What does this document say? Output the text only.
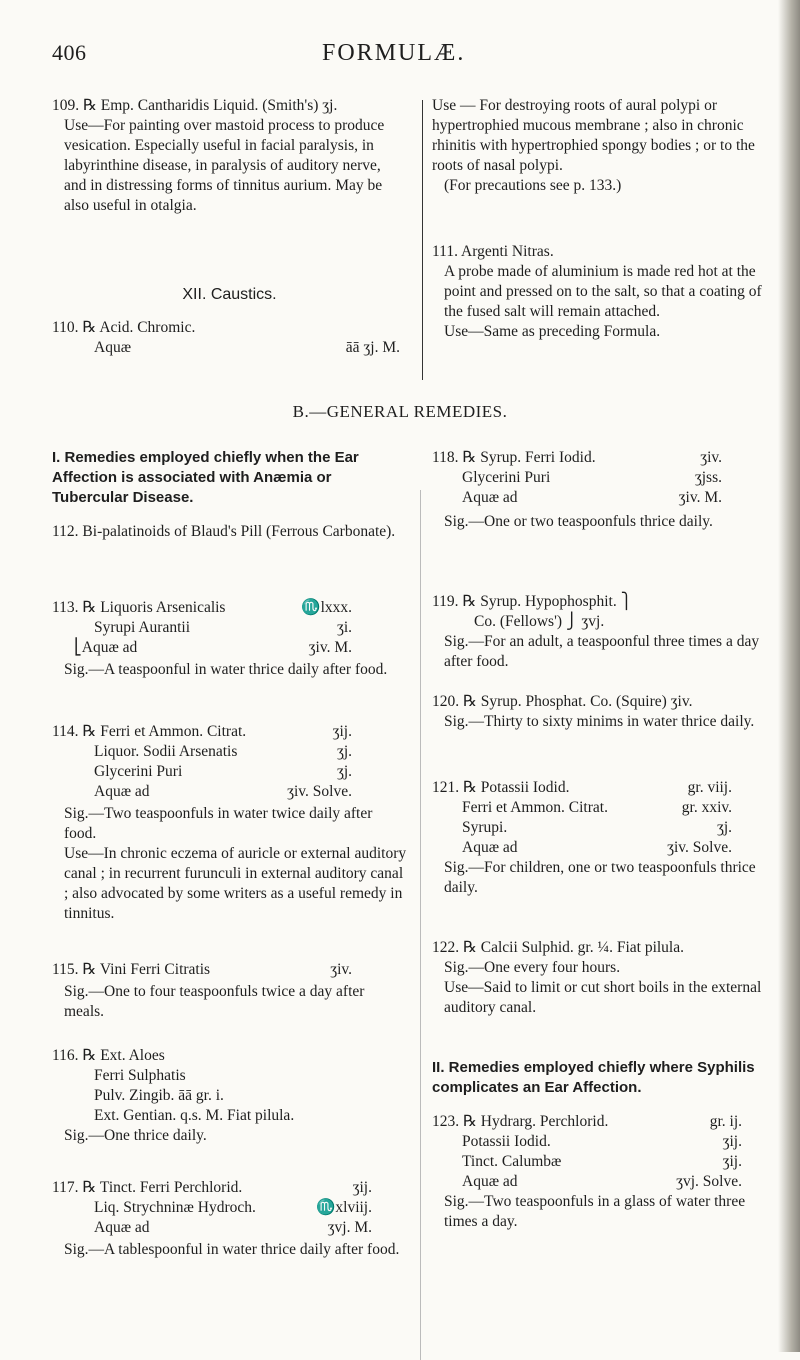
406	FORMULÆ.

109. ℞ Emp. Cantharidis Liquid. (Smith's) ʒj.

Use—For painting over mastoid process to produce vesication. Especially useful in facial paralysis, in labyrinthine disease, in paralysis of auditory nerve, and in distressing forms of tinnitus aurium. May be also useful in otalgia.

XII. Caustics.

110. ℞ Acid. Chromic.

Aquæ	āā ʒj. M.

Use — For destroying roots of aural polypi or hypertrophied mucous membrane ; also in chronic rhinitis with hypertrophied spongy bodies ; or to the roots of nasal polypi.

(For precautions see p. 133.)

111. Argenti Nitras.

A probe made of aluminium is made red hot at the point and pressed on to the salt, so that a coating of the fused salt will remain attached.

Use—Same as preceding Formula.

B.—GENERAL REMEDIES.
I. Remedies employed chiefly when the Ear Affection is associated with Anæmia or Tubercular Disease.

112. Bi-palatinoids of Blaud's Pill (Ferrous Carbonate).

113. ℞ Liquoris Arsenicalis	♏lxxx.

Syrupi Aurantii	ʒi.

⎣Aquæ ad	ʒiv. M.

Sig.—A teaspoonful in water thrice daily after food.

114. ℞ Ferri et Ammon. Citrat.	ʒij.

Liquor. Sodii Arsenatis	ʒj.

Glycerini Puri	ʒj.

Aquæ ad	ʒiv. Solve.

Sig.—Two teaspoonfuls in water twice daily after food.

Use—In chronic eczema of auricle or external auditory canal ; in recurrent furunculi in external auditory canal ; also advocated by some writers as a useful remedy in tinnitus.

115. ℞ Vini Ferri Citratis	ʒiv.

Sig.—One to four teaspoonfuls twice a day after meals.

116. ℞ Ext. Aloes

Ferri Sulphatis

Pulv. Zingib. āā gr. i.

Ext. Gentian. q.s. M. Fiat pilula.

Sig.—One thrice daily.

117. ℞ Tinct. Ferri Perchlorid.	ʒij.

Liq. Strychninæ Hydroch.	♏xlviij.

Aquæ ad	ʒvj. M.

Sig.—A tablespoonful in water thrice daily after food.

118. ℞ Syrup. Ferri Iodid.	ʒiv.

Glycerini Puri	ʒjss.

Aquæ ad	ʒiv. M.

Sig.—One or two teaspoonfuls thrice daily.

119. ℞ Syrup. Hypophosphit. ⎫

Co. (Fellows') ⎭ ʒvj.

Sig.—For an adult, a teaspoonful three times a day after food.

120. ℞ Syrup. Phosphat. Co. (Squire) ʒiv.

Sig.—Thirty to sixty minims in water thrice daily.

121. ℞ Potassii Iodid.	gr. viij.

Ferri et Ammon. Citrat.	gr. xxiv.

Syrupi.	ʒj.

Aquæ ad	ʒiv. Solve.

Sig.—For children, one or two teaspoonfuls thrice daily.

122. ℞ Calcii Sulphid. gr. ¼. Fiat pilula.

Sig.—One every four hours.

Use—Said to limit or cut short boils in the external auditory canal.

II. Remedies employed chiefly where Syphilis complicates an Ear Affection.

123. ℞ Hydrarg. Perchlorid.	gr. ij.

Potassii Iodid.	ʒij.

Tinct. Calumbæ	ʒij.

Aquæ ad	ʒvj. Solve.

Sig.—Two teaspoonfuls in a glass of water three times a day.
